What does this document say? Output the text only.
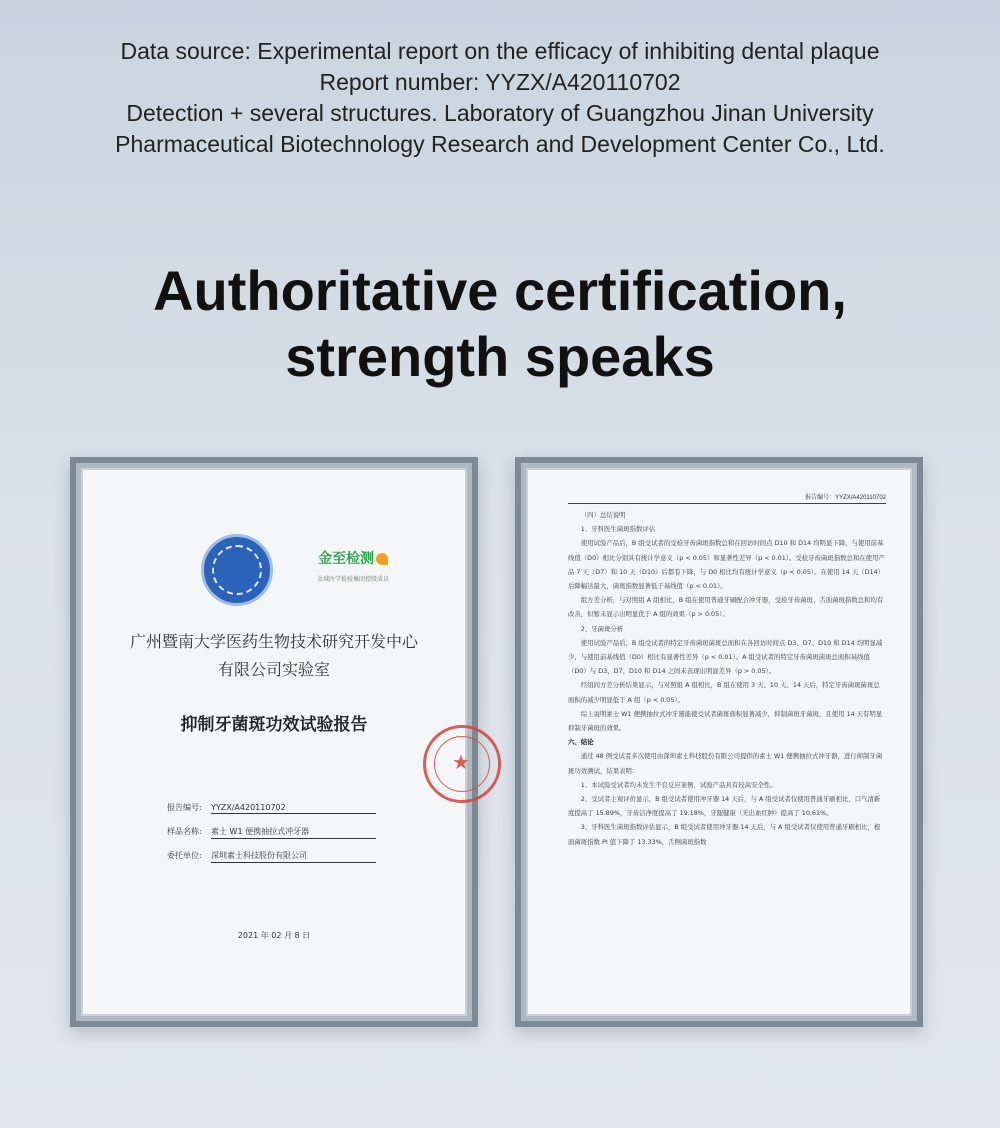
Data source: Experimental report on the efficacy of inhibiting dental plaque

Report number: YYZX/A420110702

Detection + several structures. Laboratory of Guangzhou Jinan University Pharmaceutical Biotechnology Research and Development Center Co., Ltd.

Authoritative certification, strength speaks
金至检测
金域医学检验集团控股成员
广州暨南大学医药生物技术研究开发中心
有限公司实验室
抑制牙菌斑功效试验报告
★
报告编号: YYZX/A420110702
样品名称: 素士 W1 便携抽拉式冲牙器
委托单位: 深圳素士科技股份有限公司
2021 年 02 月 8 日
报告编号：YYZX/A420110702

（四）总结说明

1、牙科医生菌斑指数评估

使用试验产品后，B 组受试者的受检牙齿菌斑指数总和在回访时间点 D10 和 D14 均明显下降，与使用前基线值（D0）相比分别具有统计学意义（p < 0.05）和显著性差异（p < 0.01）。受检牙齿菌斑指数总和在使用产品 7 天（D7）和 10 天（D10）后都有下降，与 D0 相比均有统计学意义（p < 0.05）。在使用 14 天（D14）后降幅达最大，菌斑指数显著低于基线值（p < 0.01）。

组方差分析，与对照组 A 组相比，B 组在使用普通牙刷配合冲牙器，受检牙齿菌斑、舌面菌斑指数总和均有改善，但暂未显示出明显优于 A 组的效果（p > 0.05）。

2、牙菌斑分析

使用试验产品后，B 组受试者的特定牙齿菌斑菌斑总面积在各回访时间点 D3、D7、D10 和 D14 均明显减少，与使用前基线值（D0）相比有显著性差异（p < 0.01）。A 组受试者的特定牙齿菌斑菌斑总面积基线值（D0）与 D3、D7、D10 和 D14 之间未表现出明显差异（p > 0.05）。

经组间方差分析结果显示，与对照组 A 组相比，B 组在使用 3 天、10 天、14 天后，特定牙齿菌斑菌斑总面积的减少明显低于 A 组（p < 0.05）。

综上说明素士 W1 便携抽拉式冲牙器能使受试者菌斑面积显著减少，抑制菌斑牙菌斑，且使用 14 天有明显抑制牙菌斑的效果。

六、结论

通过 48 例受试者多次使用由深圳素士科技股份有限公司提供的素士 W1 便携抽拉式冲牙器，进行抑制牙菌斑功效测试，结果表明：

1、本试验受试者均未发生不良反应案例，试验产品具有较高安全性。

2、受试者主观评价显示，B 组受试者使用冲牙器 14 天后，与 A 组受试者仅使用普通牙刷相比，口气清新度提高了 15.89%，牙齿洁净度提高了 19.18%，牙龈健康（无出血红肿）提高了 10.61%。

3、牙科医生菌斑指数评估显示，B 组受试者使用冲牙器 14 天后，与 A 组受试者仅使用普通牙刷相比，根面菌斑指数 PI 值下降了 13.33%，舌侧菌斑指数
